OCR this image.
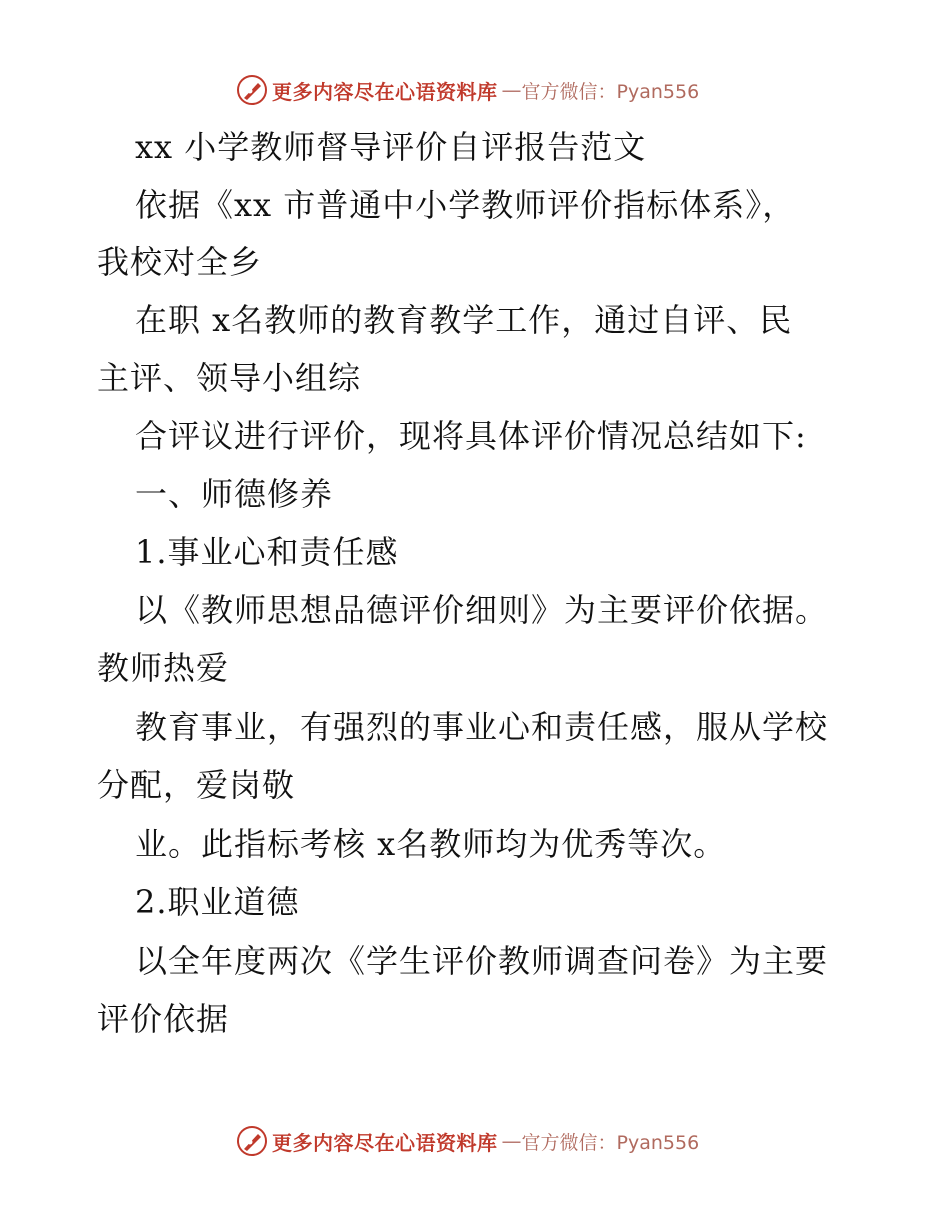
更多内容尽在心语资料库 — 官方微信：Pyan556
xx 小学教师督导评价自评报告范文
依据《xx 市普通中小学教师评价指标体系》，
我校对全乡
在职 x名教师的教育教学工作，通过自评、民
主评、领导小组综
合评议进行评价，现将具体评价情况总结如下:
一、师德修养
1.事业心和责任感
以《教师思想品德评价细则》为主要评价依据。
教师热爱
教育事业，有强烈的事业心和责任感，服从学校
分配，爱岗敬
业。此指标考核 x名教师均为优秀等次。
2.职业道德
以全年度两次《学生评价教师调查问卷》为主要
评价依据
更多内容尽在心语资料库 — 官方微信：Pyan556
